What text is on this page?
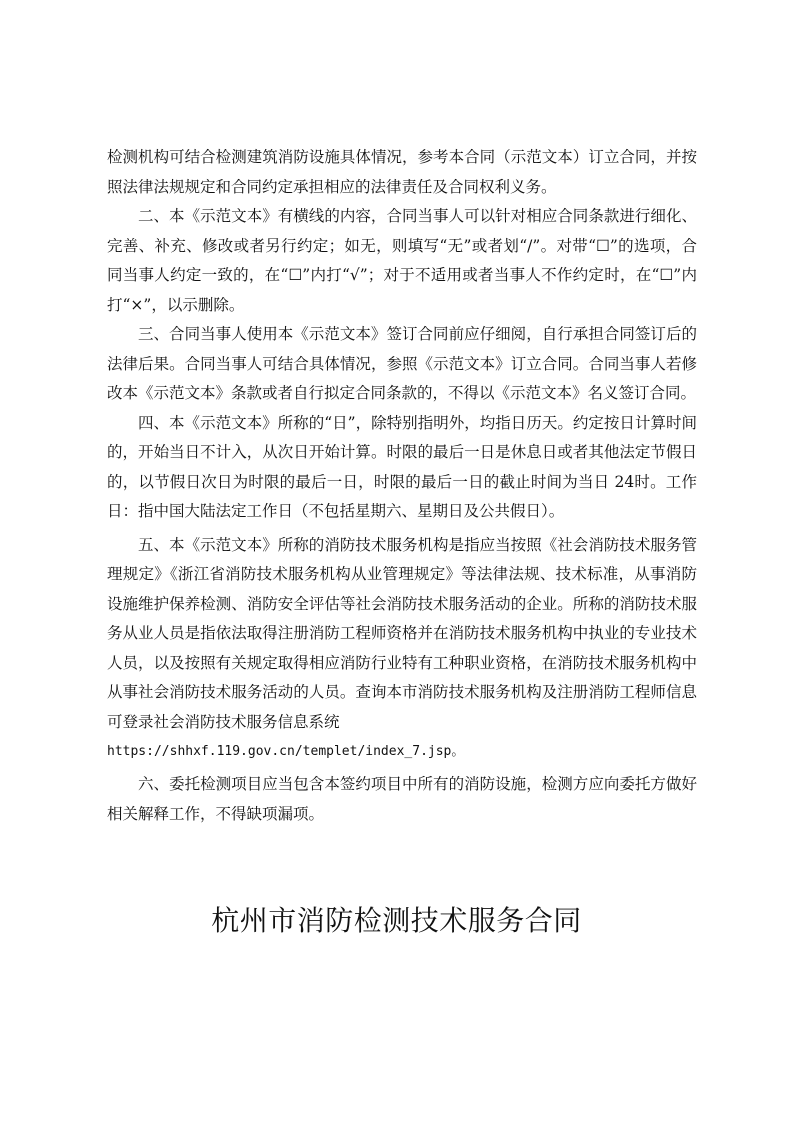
检测机构可结合检测建筑消防设施具体情况，参考本合同（示范文本）订立合同，并按照法律法规规定和合同约定承担相应的法律责任及合同权利义务。

二、本《示范文本》有横线的内容，合同当事人可以针对相应合同条款进行细化、完善、补充、修改或者另行约定；如无，则填写“无”或者划“/”。对带“☐”的选项，合同当事人约定一致的，在“☐”内打“√”；对于不适用或者当事人不作约定时，在“☐”内打“×”，以示删除。

三、合同当事人使用本《示范文本》签订合同前应仔细阅，自行承担合同签订后的法律后果。合同当事人可结合具体情况，参照《示范文本》订立合同。合同当事人若修改本《示范文本》条款或者自行拟定合同条款的，不得以《示范文本》名义签订合同。

四、本《示范文本》所称的“日”，除特别指明外，均指日历天。约定按日计算时间的，开始当日不计入，从次日开始计算。时限的最后一日是休息日或者其他法定节假日的，以节假日次日为时限的最后一日，时限的最后一日的截止时间为当日 24时。工作日：指中国大陆法定工作日（不包括星期六、星期日及公共假日）。

五、本《示范文本》所称的消防技术服务机构是指应当按照《社会消防技术服务管理规定》《浙江省消防技术服务机构从业管理规定》等法律法规、技术标准，从事消防设施维护保养检测、消防安全评估等社会消防技术服务活动的企业。所称的消防技术服务从业人员是指依法取得注册消防工程师资格并在消防技术服务机构中执业的专业技术人员，以及按照有关规定取得相应消防行业特有工种职业资格，在消防技术服务机构中从事社会消防技术服务活动的人员。查询本市消防技术服务机构及注册消防工程师信息可登录社会消防技术服务信息系统

https://shhxf.119.gov.cn/templet/index_7.jsp。

六、委托检测项目应当包含本签约项目中所有的消防设施，检测方应向委托方做好相关解释工作，不得缺项漏项。

杭州市消防检测技术服务合同
